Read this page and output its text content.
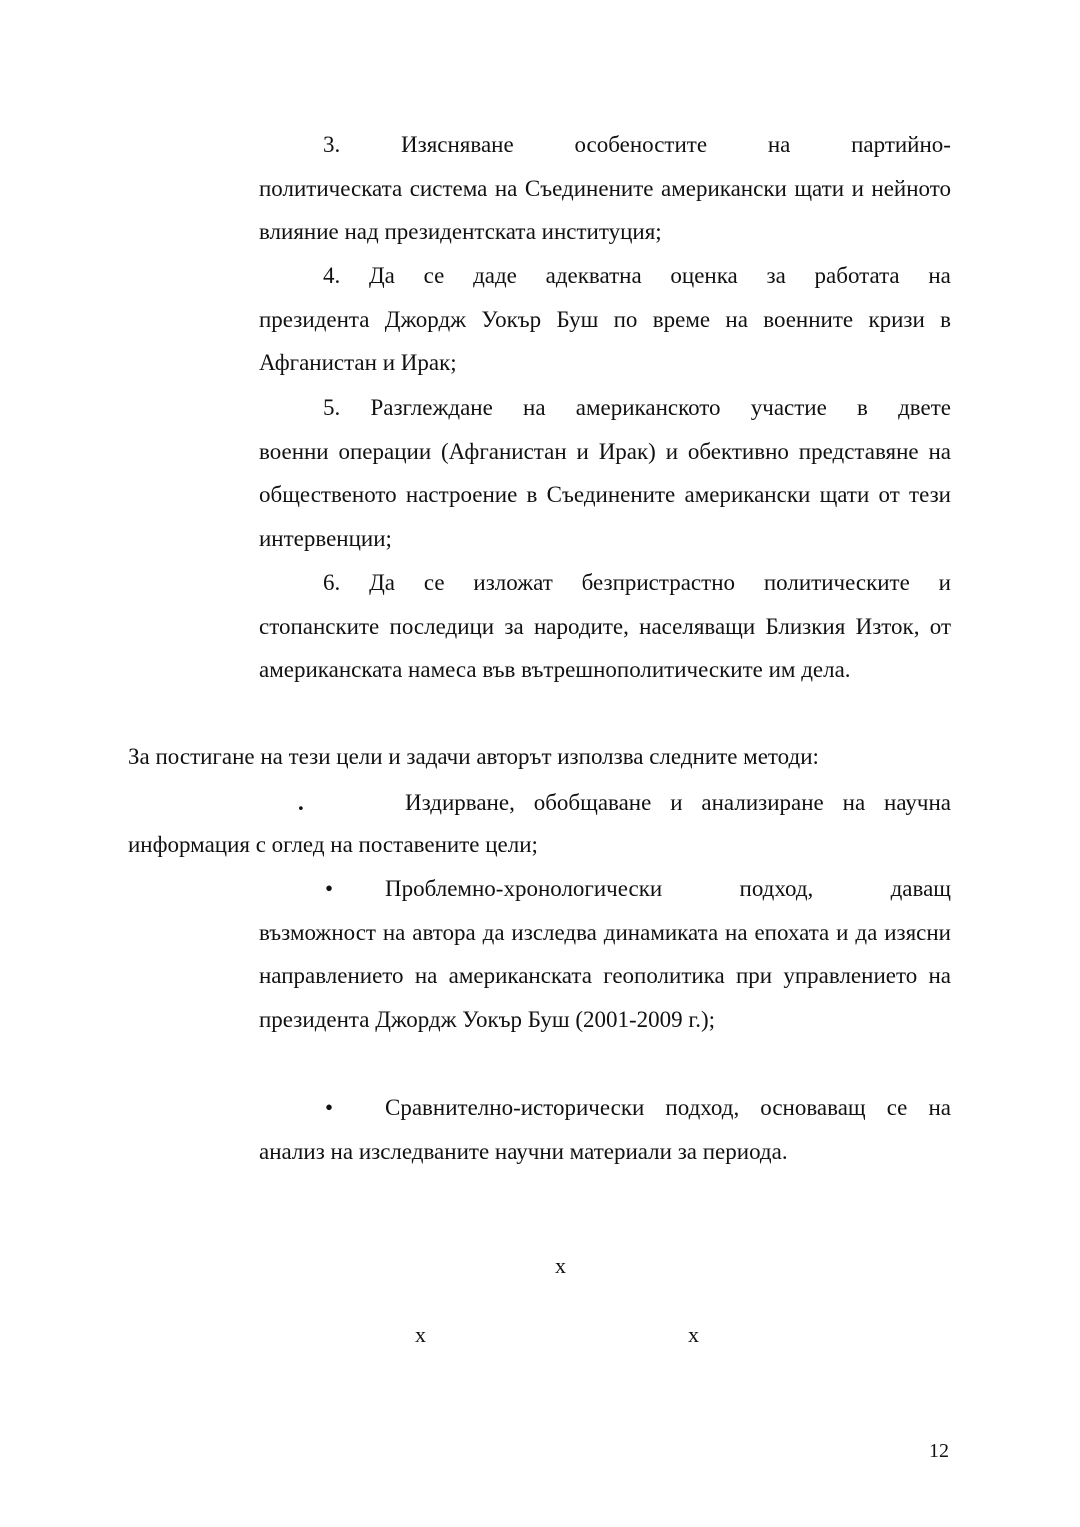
3.	Изясняване	особеностите	на	партийно-
политическата система на Съединените американски щати и нейното влияние над президентската институция;
4. Да се даде адекватна оценка за работата на
президента Джордж Уокър Буш по време на военните кризи в Афганистан и Ирак;
5. Разглеждане на американското участие в двете
военни операции (Афганистан и Ирак) и обективно представяне на общественото настроение в Съединените американски щати от тези интервенции;
6. Да се изложат безпристрастно политическите и
стопанските последици за народите, населяващи Близкия Изток, от американската намеса във вътрешнополитическите им дела.
За постигане на тези цели и задачи авторът използва следните методи:
.	Издирване, обобщаване и анализиране на научна
информация с оглед на поставените цели;
•	Проблемно-хронологически	подход,	даващ
възможност на автора да изследва динамиката на епохата и да изясни направлението на американската геополитика при управлението на президента Джордж Уокър Буш (2001-2009 г.);
•	Сравнително-исторически подход, основаващ се на
анализ на изследваните научни материали за периода.
x
x	x
12
